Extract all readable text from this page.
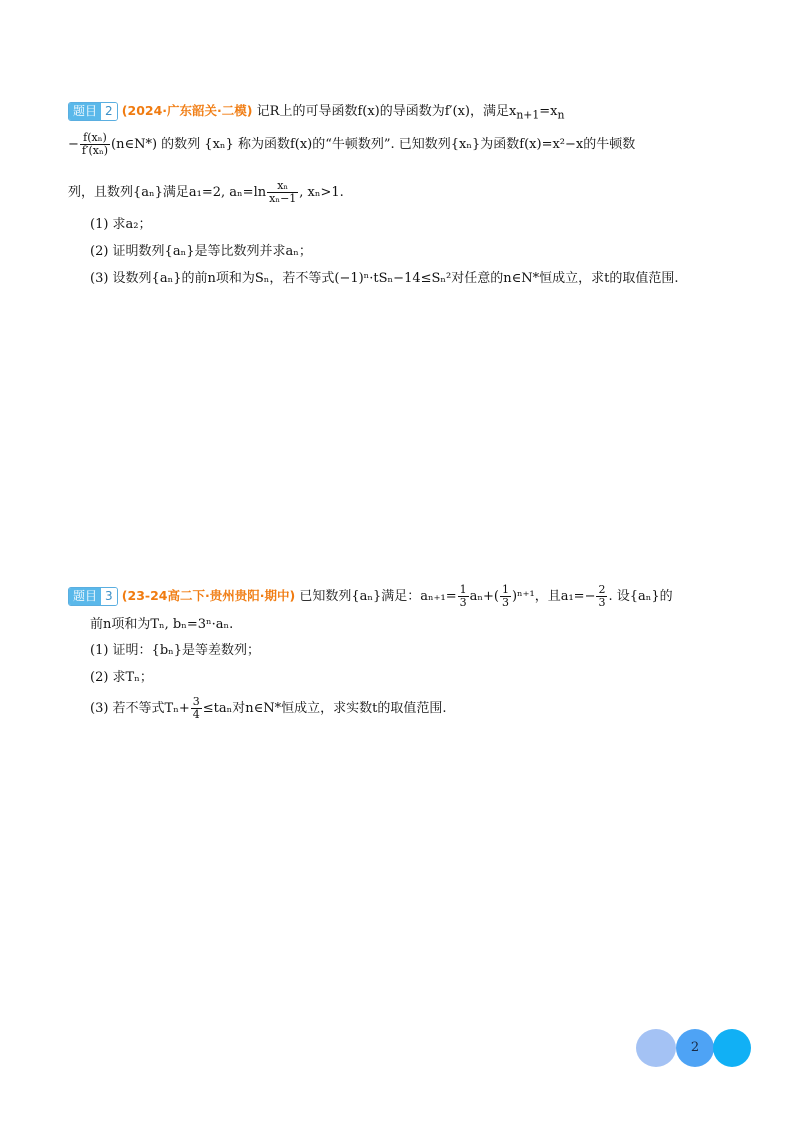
题目 2 (2024·广东韶关·二模) 记R上的可导函数f(x)的导函数为f′(x)，满足$x_{n+1}=x_n$
− $\frac{\text{f(xₙ)}}{\text{f′(xₙ)}}$ (n∈N*) 的数列 {xₙ} 称为函数f(x)的“牛顿数列”. 已知数列{xₙ}为函数f(x)=x²−x的牛顿数
列，且数列{aₙ}满足a₁=2, $a_n=\ln \frac{\text{xₙ}}{\text{xₙ−1}}$ , xₙ>1.
(1) 求a₂；
(2) 证明数列{aₙ}是等比数列并求aₙ；
(3) 设数列{aₙ}的前n项和为Sₙ，若不等式(−1)ⁿ·tSₙ−14≤Sₙ²对任意的n∈N*恒成立，求t的取值范围.
题目 3 (23-24高二下·贵州贵阳·期中) 已知数列{aₙ}满足：$a_{n+1}= \frac{1}{3} a_n+( \frac{1}{3} )^{n+1}$，且$a_1=- \frac{2}{3}$ . 设{aₙ}的
前n项和为Tₙ, bₙ=3ⁿ·aₙ.
(1) 证明：{bₙ}是等差数列；
(2) 求Tₙ；
(3) 若不等式$T_n+ \frac{3}{4} \le ta_n$对n∈N*恒成立，求实数t的取值范围.
2
